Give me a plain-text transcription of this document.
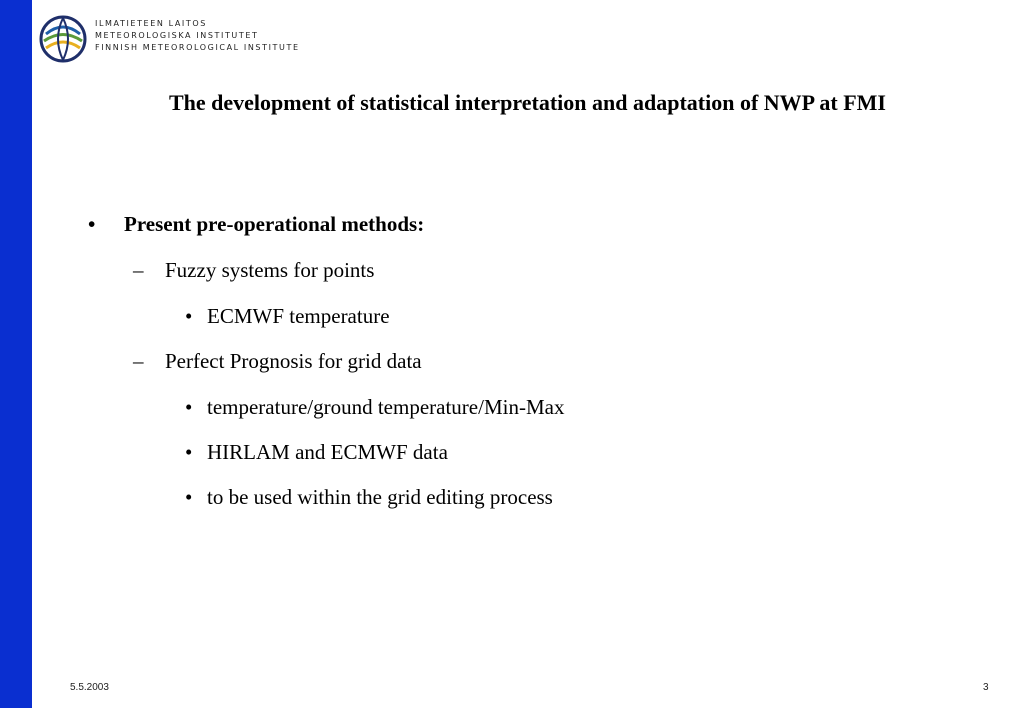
ILMATIETEEN LAITOS
METEOROLOGISKA INSTITUTET
FINNISH METEOROLOGICAL INSTITUTE
The development of statistical interpretation and adaptation of NWP at FMI
• Present pre-operational methods:
– Fuzzy systems for points
• ECMWF temperature
– Perfect Prognosis for grid data
• temperature/ground temperature/Min-Max
• HIRLAM and ECMWF data
• to be used within the grid editing process
5.5.2003	3
